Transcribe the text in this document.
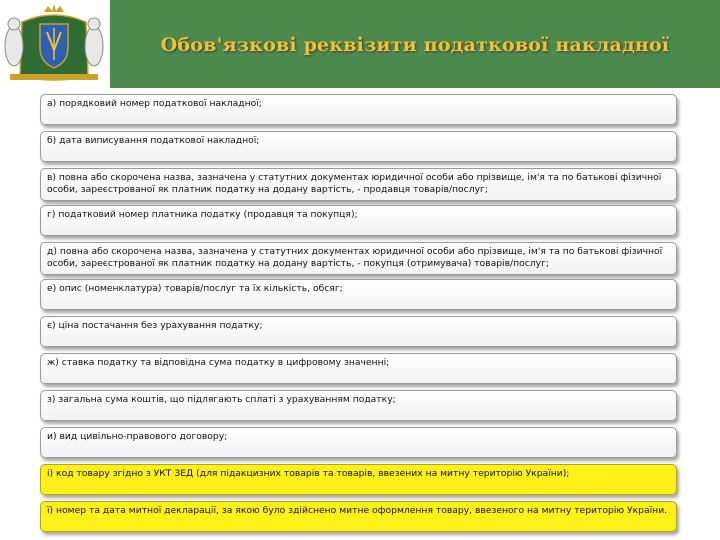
Обов'язкові реквізити податкової накладної
а) порядковий номер податкової накладної;
б) дата виписування податкової накладної;
в) повна або скорочена назва, зазначена у статутних документах юридичної особи або прізвище, ім'я та по батькові фізичної особи, зареєстрованої як платник податку на додану вартість, - продавця товарів/послуг;
г) податковий номер платника податку (продавця та покупця);
д) повна або скорочена назва, зазначена у статутних документах юридичної особи або прізвище, ім'я та по батькові фізичної особи, зареєстрованої як платник податку на додану вартість, - покупця (отримувача) товарів/послуг;
е) опис (номенклатура) товарів/послуг та їх кількість, обсяг;
є) ціна постачання без урахування податку;
ж) ставка податку та відповідна сума податку в цифровому значенні;
з) загальна сума коштів, що підлягають сплаті з урахуванням податку;
и) вид цивільно-правового договору;
і) код товару згідно з УКТ ЗЕД (для підакцизних товарів та товарів, ввезених на митну територію України);
ї) номер та дата митної декларації, за якою було здійснено митне оформлення товару, ввезеного на митну територію України.
